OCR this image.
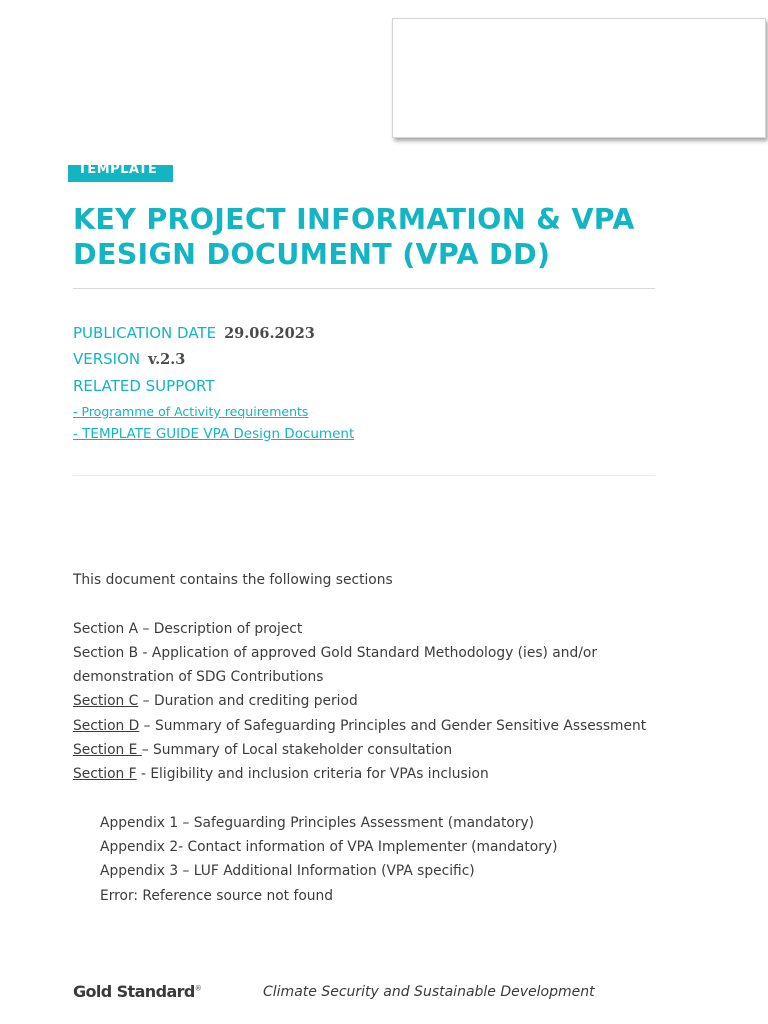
TEMPLATE
KEY PROJECT INFORMATION & VPA DESIGN DOCUMENT (VPA DD)
PUBLICATION DATE 29.06.2023
VERSION v.2.3
RELATED SUPPORT
- Programme of Activity requirements
- TEMPLATE GUIDE VPA Design Document
This document contains the following sections
Section A – Description of project
Section B - Application of approved Gold Standard Methodology (ies) and/or
demonstration of SDG Contributions
Section C – Duration and crediting period
Section D – Summary of Safeguarding Principles and Gender Sensitive Assessment
Section E – Summary of Local stakeholder consultation
Section F - Eligibility and inclusion criteria for VPAs inclusion
Appendix 1 – Safeguarding Principles Assessment (mandatory)
Appendix 2- Contact information of VPA Implementer (mandatory)
Appendix 3 – LUF Additional Information (VPA specific)
Error: Reference source not found
Gold Standard®	Climate Security and Sustainable Development
